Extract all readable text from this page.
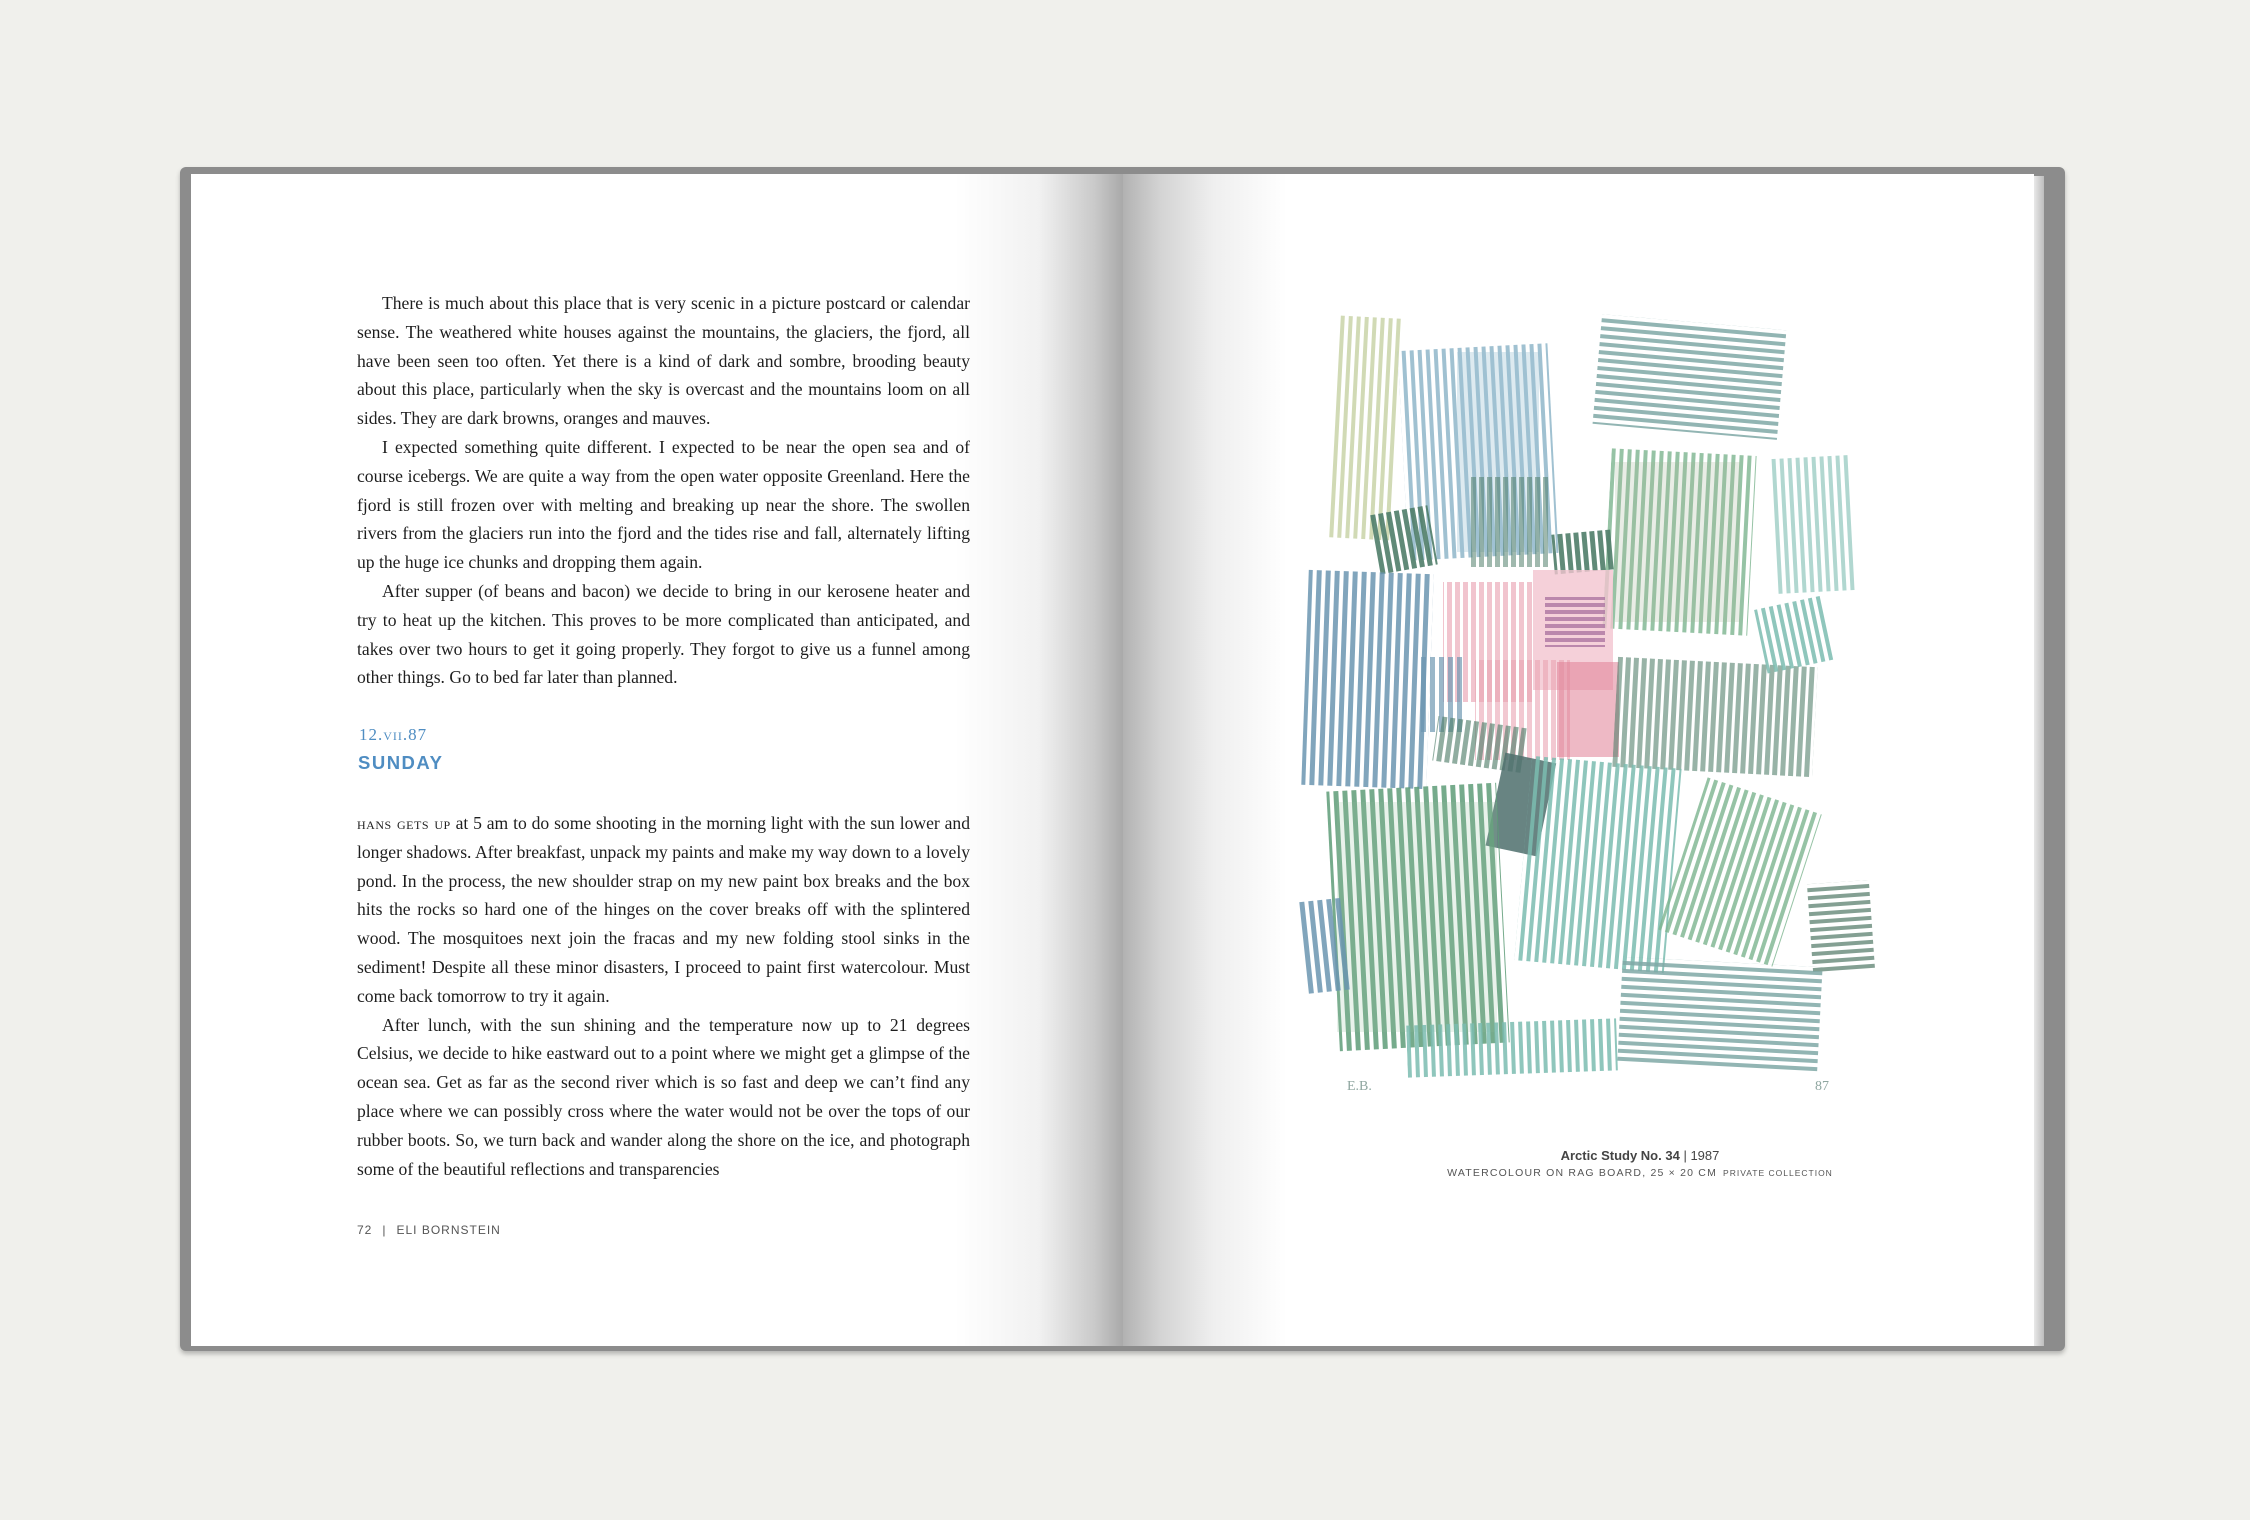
There is much about this place that is very scenic in a picture postcard or calendar sense. The weathered white houses against the mountains, the glaciers, the fjord, all have been seen too often. Yet there is a kind of dark and sombre, brooding beauty about this place, particularly when the sky is overcast and the mountains loom on all sides. They are dark browns, oranges and mauves.

I expected something quite different. I expected to be near the open sea and of course icebergs. We are quite a way from the open water opposite Greenland. Here the fjord is still frozen over with melting and breaking up near the shore. The swollen rivers from the glaciers run into the fjord and the tides rise and fall, alternately lifting up the huge ice chunks and dropping them again.

After supper (of beans and bacon) we decide to bring in our kerosene heater and try to heat up the kitchen. This proves to be more complicated than anticipated, and takes over two hours to get it going properly. They forgot to give us a funnel among other things. Go to bed far later than planned.

12.vii.87
SUNDAY

hans gets up at 5 am to do some shooting in the morning light with the sun lower and longer shadows. After breakfast, unpack my paints and make my way down to a lovely pond. In the process, the new shoulder strap on my new paint box breaks and the box hits the rocks so hard one of the hinges on the cover breaks off with the splintered wood. The mosquitoes next join the fracas and my new folding stool sinks in the sediment! Despite all these minor disasters, I proceed to paint first watercolour. Must come back tomorrow to try it again.

After lunch, with the sun shining and the temperature now up to 21 degrees Celsius, we decide to hike eastward out to a point where we might get a glimpse of the ocean sea. Get as far as the second river which is so fast and deep we can’t find any place where we can possibly cross where the water would not be over the tops of our rubber boots. So, we turn back and wander along the shore on the ice, and photograph some of the beautiful reflections and transparencies

72 | ELI BORNSTEIN
E.B.	87
Arctic Study No. 34 | 1987
WATERCOLOUR ON RAG BOARD, 25 × 20 CM PRIVATE COLLECTION
